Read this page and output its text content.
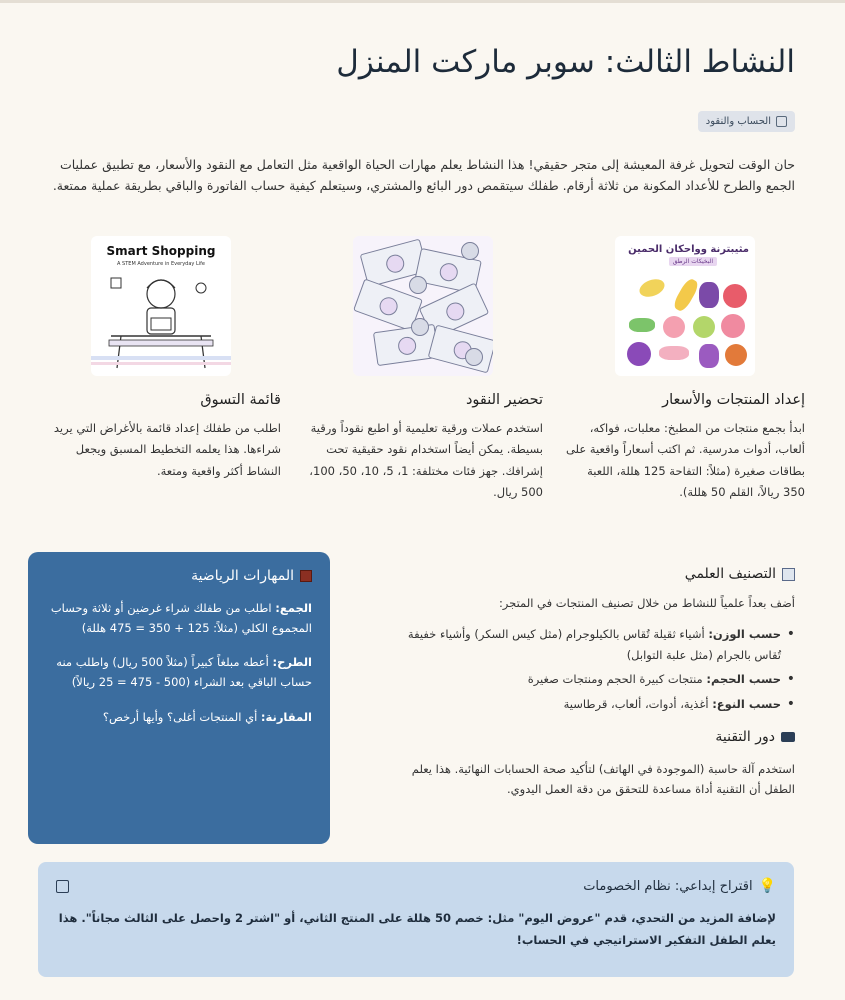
النشاط الثالث: سوبر ماركت المنزل
الحساب والنقود

حان الوقت لتحويل غرفة المعيشة إلى متجر حقيقي! هذا النشاط يعلم مهارات الحياة الواقعية مثل التعامل مع النقود والأسعار، مع تطبيق عمليات الجمع والطرح للأعداد المكونة من ثلاثة أرقام. طفلك سيتقمص دور البائع والمشتري، وسيتعلم كيفية حساب الفاتورة والباقي بطريقة عملية ممتعة.

مثيبترنة وواحكان الحمين
البخيكات الرطق
إعداد المنتجات والأسعار

ابدأ بجمع منتجات من المطبخ: معلبات، فواكه، ألعاب، أدوات مدرسية. ثم اكتب أسعاراً واقعية على بطاقات صغيرة (مثلاً: التفاحة 125 هللة، اللعبة 350 ريالاً، القلم 50 هللة).

تحضير النقود

استخدم عملات ورقية تعليمية أو اطبع نقوداً ورقية بسيطة. يمكن أيضاً استخدام نقود حقيقية تحت إشرافك. جهز فئات مختلفة: 1، 5، 10، 50، 100، 500 ريال.

Smart Shopping
A STEM Adventure in Everyday Life
قائمة التسوق

اطلب من طفلك إعداد قائمة بالأغراض التي يريد شراءها. هذا يعلمه التخطيط المسبق ويجعل النشاط أكثر واقعية ومتعة.

التصنيف العلمي

أضف بعداً علمياً للنشاط من خلال تصنيف المنتجات في المتجر:

• حسب الوزن: أشياء ثقيلة تُقاس بالكيلوجرام (مثل كيس السكر) وأشياء خفيفة تُقاس بالجرام (مثل علبة التوابل)
• حسب الحجم: منتجات كبيرة الحجم ومنتجات صغيرة
• حسب النوع: أغذية، أدوات، ألعاب، قرطاسية
دور التقنية

استخدم آلة حاسبة (الموجودة في الهاتف) لتأكيد صحة الحسابات النهائية. هذا يعلم الطفل أن التقنية أداة مساعدة للتحقق من دقة العمل اليدوي.

المهارات الرياضية

الجمع: اطلب من طفلك شراء غرضين أو ثلاثة وحساب المجموع الكلي (مثلاً: 125 + 350 = 475 هللة)

الطرح: أعطه مبلغاً كبيراً (مثلاً 500 ريال) واطلب منه حساب الباقي بعد الشراء (500 - 475 = 25 ريالاً)

المقارنة: أي المنتجات أغلى؟ وأيها أرخص؟

💡
اقتراح إبداعي: نظام الخصومات

لإضافة المزيد من التحدي، قدم "عروض اليوم" مثل: خصم 50 هللة على المنتج الثاني، أو "اشتر 2 واحصل على الثالث مجاناً". هذا يعلم الطفل التفكير الاستراتيجي في الحساب!
